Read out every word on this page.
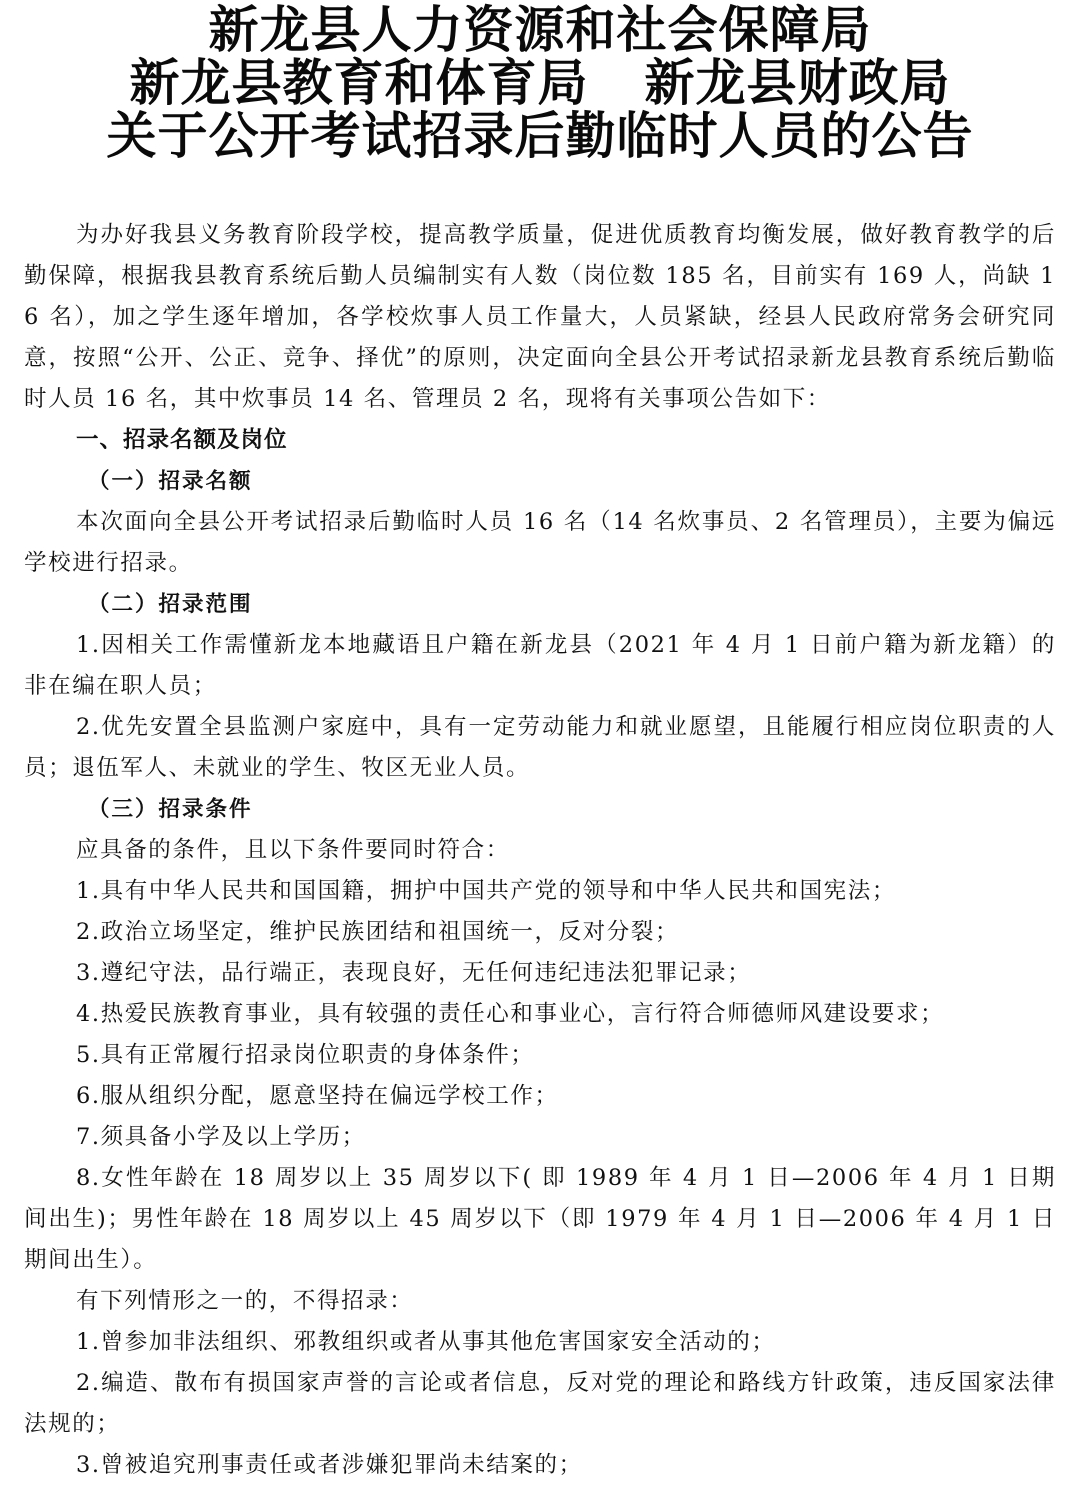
新龙县人力资源和社会保障局
新龙县教育和体育局 新龙县财政局
关于公开考试招录后勤临时人员的公告

为办好我县义务教育阶段学校，提高教学质量，促进优质教育均衡发展，做好教育教学的后勤保障，根据我县教育系统后勤人员编制实有人数（岗位数 185 名，目前实有 169 人，尚缺 16 名），加之学生逐年增加，各学校炊事人员工作量大，人员紧缺，经县人民政府常务会研究同意，按照“公开、公正、竞争、择优”的原则，决定面向全县公开考试招录新龙县教育系统后勤临时人员 16 名，其中炊事员 14 名、管理员 2 名，现将有关事项公告如下：

一、招录名额及岗位

（一）招录名额

本次面向全县公开考试招录后勤临时人员 16 名（14 名炊事员、2 名管理员），主要为偏远学校进行招录。

（二）招录范围

1.因相关工作需懂新龙本地藏语且户籍在新龙县（2021 年 4 月 1 日前户籍为新龙籍）的非在编在职人员；

2.优先安置全县监测户家庭中，具有一定劳动能力和就业愿望，且能履行相应岗位职责的人员；退伍军人、未就业的学生、牧区无业人员。

（三）招录条件

应具备的条件，且以下条件要同时符合：

1.具有中华人民共和国国籍，拥护中国共产党的领导和中华人民共和国宪法；

2.政治立场坚定，维护民族团结和祖国统一，反对分裂；

3.遵纪守法，品行端正，表现良好，无任何违纪违法犯罪记录；

4.热爱民族教育事业，具有较强的责任心和事业心，言行符合师德师风建设要求；

5.具有正常履行招录岗位职责的身体条件；

6.服从组织分配，愿意坚持在偏远学校工作；

7.须具备小学及以上学历；

8.女性年龄在 18 周岁以上 35 周岁以下( 即 1989 年 4 月 1 日—2006 年 4 月 1 日期间出生)；男性年龄在 18 周岁以上 45 周岁以下（即 1979 年 4 月 1 日—2006 年 4 月 1 日期间出生）。

有下列情形之一的，不得招录：

1.曾参加非法组织、邪教组织或者从事其他危害国家安全活动的；

2.编造、散布有损国家声誉的言论或者信息，反对党的理论和路线方针政策，违反国家法律法规的；

3.曾被追究刑事责任或者涉嫌犯罪尚未结案的；
